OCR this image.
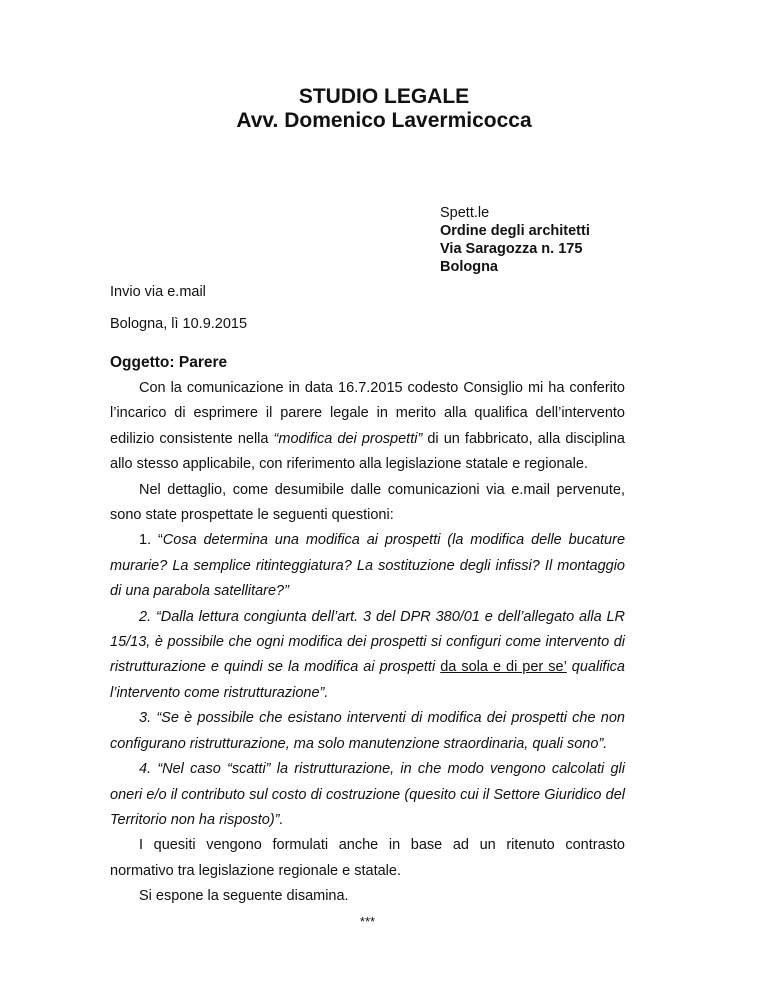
STUDIO LEGALE
Avv. Domenico Lavermicocca
Spett.le
Ordine degli architetti
Via Saragozza n. 175
Bologna
Invio via e.mail
Bologna, lì 10.9.2015
Oggetto: Parere
Con la comunicazione in data 16.7.2015 codesto Consiglio mi ha conferito l’incarico di esprimere il parere legale in merito alla qualifica dell’intervento edilizio consistente nella “modifica dei prospetti” di un fabbricato, alla disciplina allo stesso applicabile, con riferimento alla legislazione statale e regionale.
Nel dettaglio, come desumibile dalle comunicazioni via e.mail pervenute, sono state prospettate le seguenti questioni:
1. “Cosa determina una modifica ai prospetti (la modifica delle bucature murarie? La semplice ritinteggiatura? La sostituzione degli infissi? Il montaggio di una parabola satellitare?”
2. “Dalla lettura congiunta dell’art. 3 del DPR 380/01 e dell’allegato alla LR 15/13, è possibile che ogni modifica dei prospetti si configuri come intervento di ristrutturazione e quindi se la modifica ai prospetti da sola e di per se’ qualifica l’intervento come ristrutturazione”.
3. “Se è possibile che esistano interventi di modifica dei prospetti che non configurano ristrutturazione, ma solo manutenzione straordinaria, quali sono”.
4. “Nel caso “scatti” la ristrutturazione, in che modo vengono calcolati gli oneri e/o il contributo sul costo di costruzione (quesito cui il Settore Giuridico del Territorio non ha risposto)”.
I quesiti vengono formulati anche in base ad un ritenuto contrasto normativo tra legislazione regionale e statale.
Si espone la seguente disamina.
***
